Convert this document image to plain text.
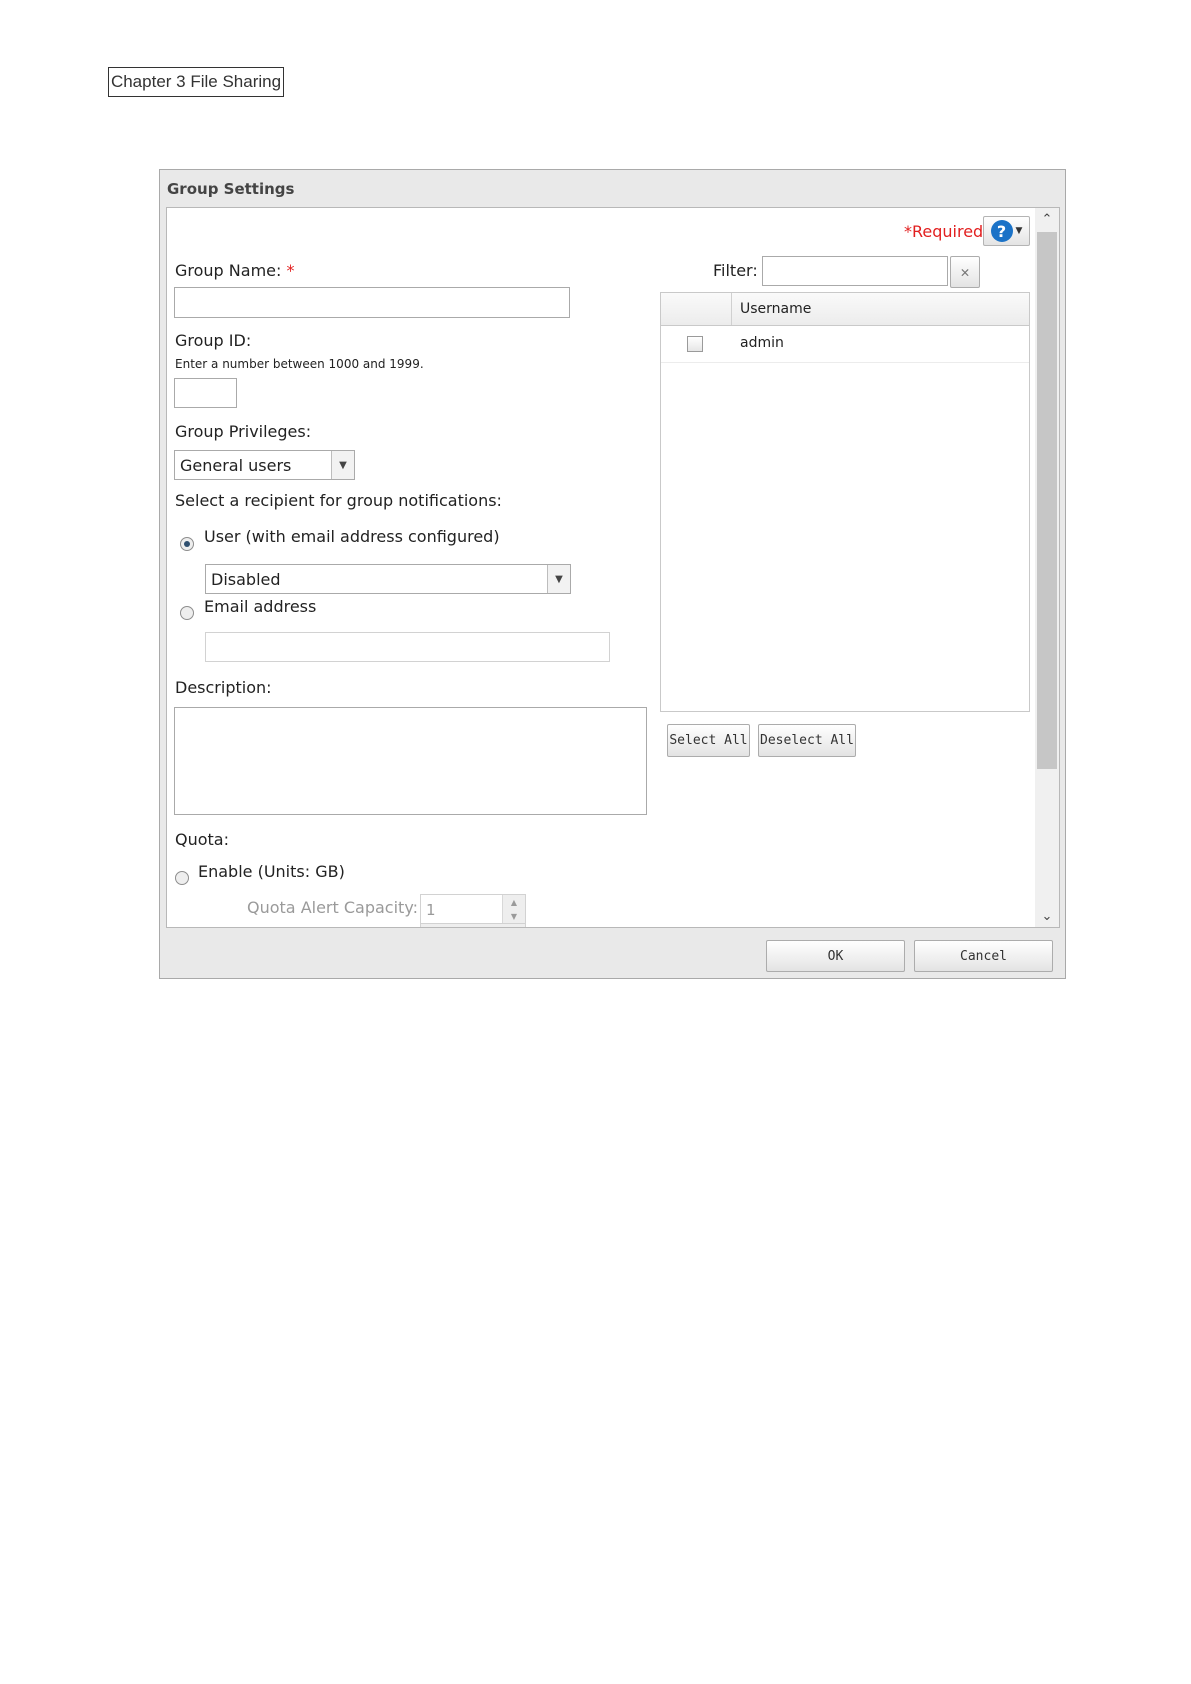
Chapter 3 File Sharing
Group Settings
*Required ?	▼
Group Name: *
Group ID:
Enter a number between 1000 and 1999.
Group Privileges:
General users	▼
Select a recipient for group notifications:
User (with email address configured)
Disabled	▼
Email address
Description:
Quota:
Enable (Units: GB)
Quota Alert Capacity: 1	▲
▼
Filter:	✕
Username
admin
Select All Deselect All
⌃
⌄
OK	Cancel
